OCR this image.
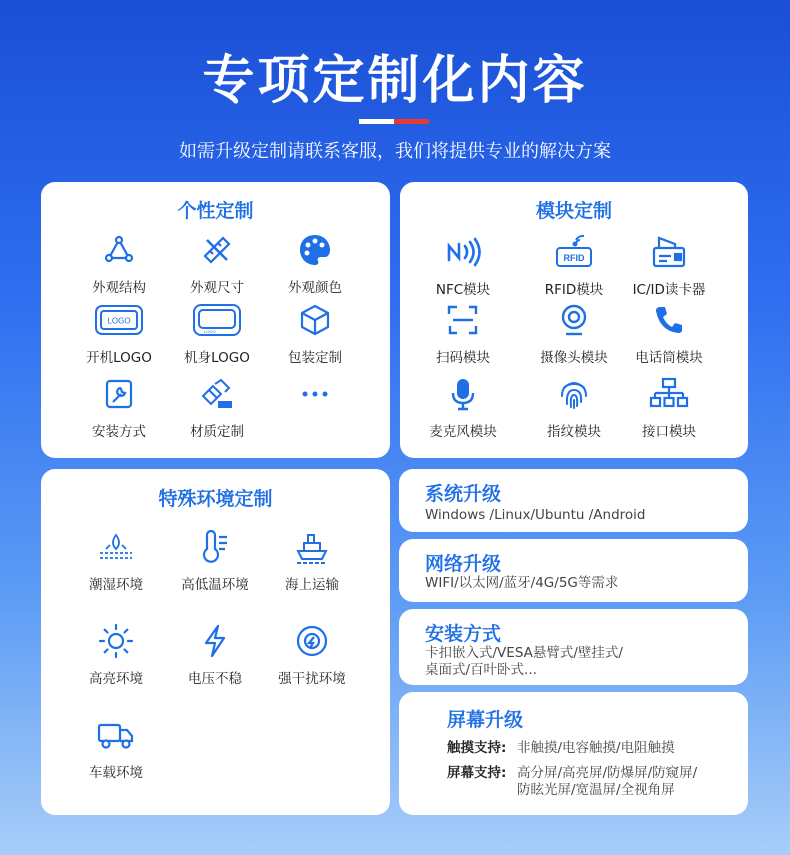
专项定制化内容
如需升级定制请联系客服，我们将提供专业的解决方案
个性定制
外观结构	外观尺寸	外观颜色
LOGO
开机LOGO
LOGO
机身LOGO	包装定制
安装方式	材质定制
模块定制
NFC模块
RFID
RFID模块	IC/ID读卡器
扫码模块	摄像头模块	电话筒模块
麦克风模块	指纹模块	接口模块
特殊环境定制
潮湿环境	高低温环境	海上运输
高亮环境	电压不稳	强干扰环境
车载环境
系统升级
Windows /Linux/Ubuntu /Android
网络升级
WIFI/以太网/蓝牙/4G/5G等需求
安装方式
卡扣嵌入式/VESA悬臂式/壁挂式/
桌面式/百叶卧式...
屏幕升级
触摸支持: 非触摸/电容触摸/电阻触摸
屏幕支持: 高分屏/高亮屏/防爆屏/防窥屏/
防眩光屏/宽温屏/全视角屏
